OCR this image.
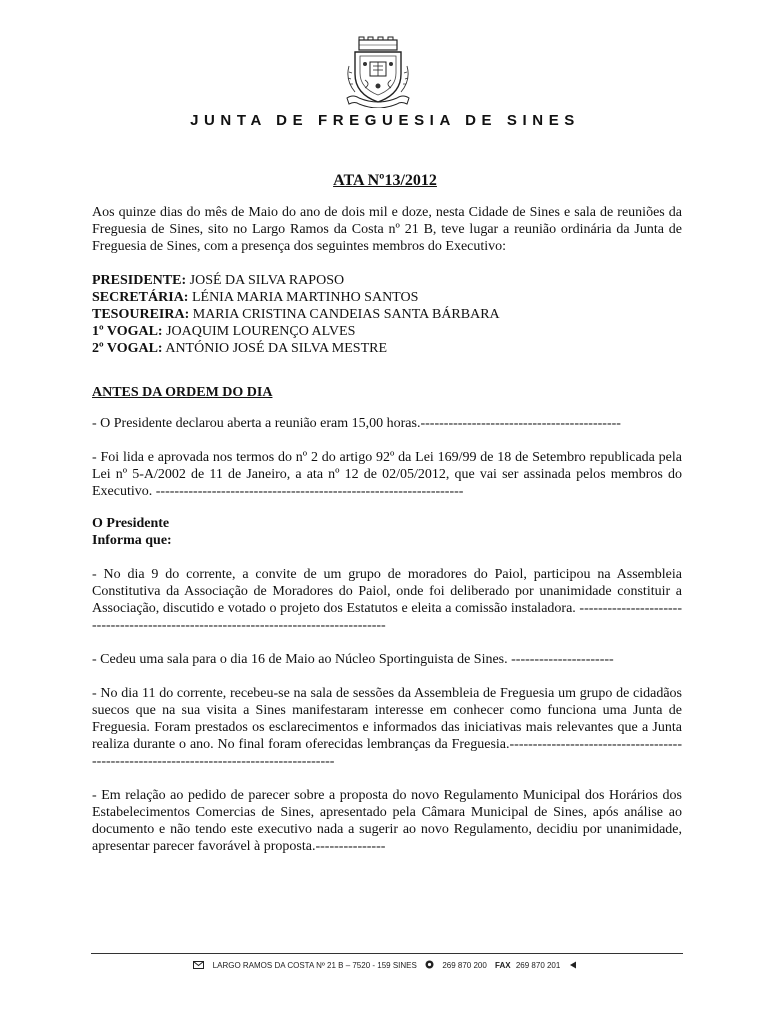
JUNTA DE FREGUESIA DE SINES
ATA Nº13/2012

Aos quinze dias do mês de Maio do ano de dois mil e doze, nesta Cidade de Sines e sala de reuniões da Freguesia de Sines, sito no Largo Ramos da Costa nº 21 B, teve lugar a reunião ordinária da Junta de Freguesia de Sines, com a presença dos seguintes membros do Executivo:

PRESIDENTE: JOSÉ DA SILVA RAPOSO
SECRETÁRIA: LÉNIA MARIA MARTINHO SANTOS
TESOUREIRA: MARIA CRISTINA CANDEIAS SANTA BÁRBARA
1º VOGAL: JOAQUIM LOURENÇO ALVES
2º VOGAL: ANTÓNIO JOSÉ DA SILVA MESTRE
ANTES DA ORDEM DO DIA

- O Presidente declarou aberta a reunião eram 15,00 horas.-------------------------------------------

- Foi lida e aprovada nos termos do nº 2 do artigo 92º da Lei 169/99 de 18 de Setembro republicada pela Lei nº 5-A/2002 de 11 de Janeiro, a ata nº 12 de 02/05/2012, que vai ser assinada pelos membros do Executivo. ------------------------------------------------------------------

O Presidente
Informa que:

- No dia 9 do corrente, a convite de um grupo de moradores do Paiol, participou na Assembleia Constitutiva da Associação de Moradores do Paiol, onde foi deliberado por unanimidade constituir a Associação, discutido e votado o projeto dos Estatutos e eleita a comissão instaladora. -------------------------------------------------------------------------------------

- Cedeu uma sala para o dia 16 de Maio ao Núcleo Sportinguista de Sines. ----------------------

- No dia 11 do corrente, recebeu-se na sala de sessões da Assembleia de Freguesia um grupo de cidadãos suecos que na sua visita a Sines manifestaram interesse em conhecer como funciona uma Junta de Freguesia. Foram prestados os esclarecimentos e informados das iniciativas mais relevantes que a Junta realiza durante o ano. No final foram oferecidas lembranças da Freguesia.-----------------------------------------------------------------------------------------

- Em relação ao pedido de parecer sobre a proposta do novo Regulamento Municipal dos Horários dos Estabelecimentos Comercias de Sines, apresentado pela Câmara Municipal de Sines, após análise ao documento e não tendo este executivo nada a sugerir ao novo Regulamento, decidiu por unanimidade, apresentar parecer favorável à proposta.---------------

LARGO RAMOS DA COSTA Nº 21 B – 7520 - 159 SINES	269 870 200 FAX 269 870 201
